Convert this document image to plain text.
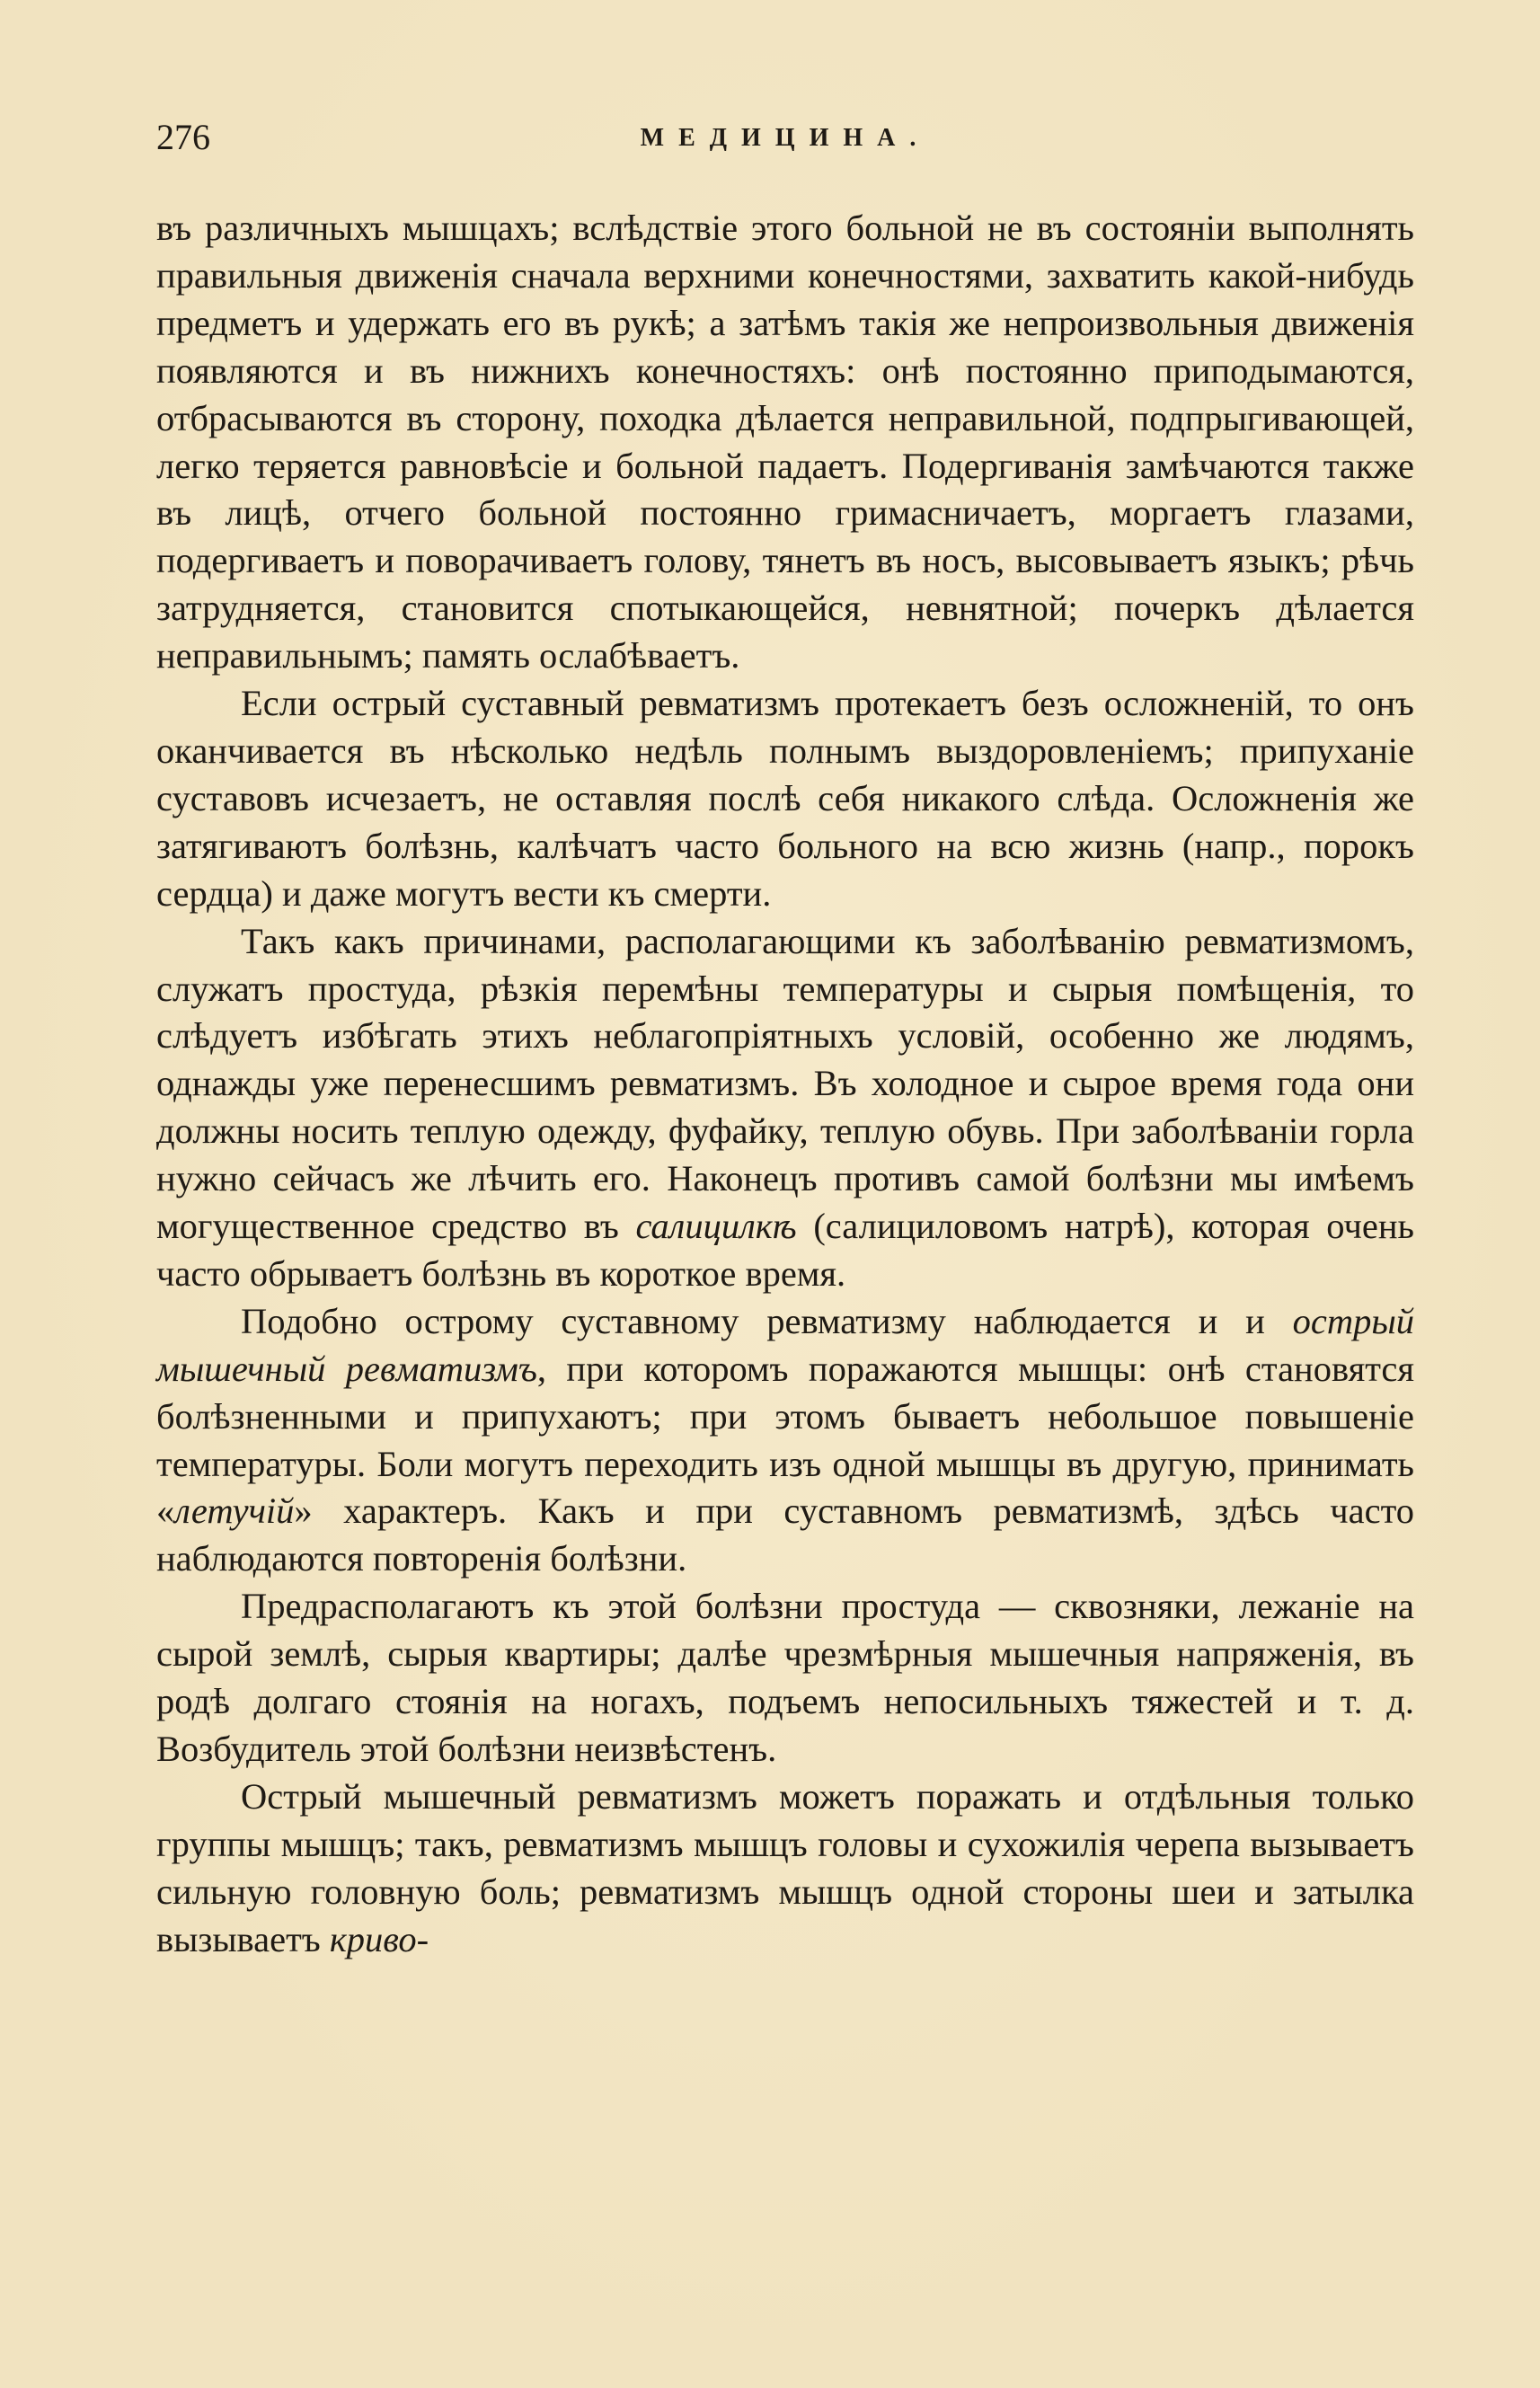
276	МЕДИЦИНА.

въ различныхъ мышцахъ; вслѣдствіе этого больной не въ состояніи выполнять правильныя движенія сначала верхними конечностями, захватить какой-нибудь предметъ и удержать его въ рукѣ; а затѣмъ такія же непроизвольныя движенія появляются и въ нижнихъ конечностяхъ: онѣ постоянно приподымаются, отбрасываются въ сторону, походка дѣлается неправильной, подпрыгивающей, легко теряется равновѣсіе и больной падаетъ. Подергиванія замѣчаются также въ лицѣ, отчего больной постоянно гримасничаетъ, моргаетъ глазами, подергиваетъ и поворачиваетъ голову, тянетъ въ носъ, высовываетъ языкъ; рѣчь затрудняется, становится спотыкающейся, невнятной; почеркъ дѣлается неправильнымъ; память ослабѣваетъ.

Если острый суставный ревматизмъ протекаетъ безъ осложненій, то онъ оканчивается въ нѣсколько недѣль полнымъ выздоровленіемъ; припуханіе суставовъ исчезаетъ, не оставляя послѣ себя никакого слѣда. Осложненія же затягиваютъ болѣзнь, калѣчатъ часто больного на всю жизнь (напр., порокъ сердца) и даже могутъ вести къ смерти.

Такъ какъ причинами, располагающими къ заболѣванію ревматизмомъ, служатъ простуда, рѣзкія перемѣны температуры и сырыя помѣщенія, то слѣдуетъ избѣгать этихъ неблагопріятныхъ условій, особенно же людямъ, однажды уже перенесшимъ ревматизмъ. Въ холодное и сырое время года они должны носить теплую одежду, фуфайку, теплую обувь. При заболѣваніи горла нужно сейчасъ же лѣчить его. Наконецъ противъ самой болѣзни мы имѣемъ могущественное средство въ салицилкѣ (салициловомъ натрѣ), которая очень часто обрываетъ болѣзнь въ короткое время.

Подобно острому суставному ревматизму наблюдается и и острый мышечный ревматизмъ, при которомъ поражаются мышцы: онѣ становятся болѣзненными и припухаютъ; при этомъ бываетъ небольшое повышеніе температуры. Боли могутъ переходить изъ одной мышцы въ другую, принимать «летучій» характеръ. Какъ и при суставномъ ревматизмѣ, здѣсь часто наблюдаются повторенія болѣзни.

Предрасполагаютъ къ этой болѣзни простуда — сквозняки, лежаніе на сырой землѣ, сырыя квартиры; далѣе чрезмѣрныя мышечныя напряженія, въ родѣ долгаго стоянія на ногахъ, подъемъ непосильныхъ тяжестей и т. д. Возбудитель этой болѣзни неизвѣстенъ.

Острый мышечный ревматизмъ можетъ поражать и отдѣльныя только группы мышцъ; такъ, ревматизмъ мышцъ головы и сухожилія черепа вызываетъ сильную головную боль; ревматизмъ мышцъ одной стороны шеи и затылка вызываетъ криво-
